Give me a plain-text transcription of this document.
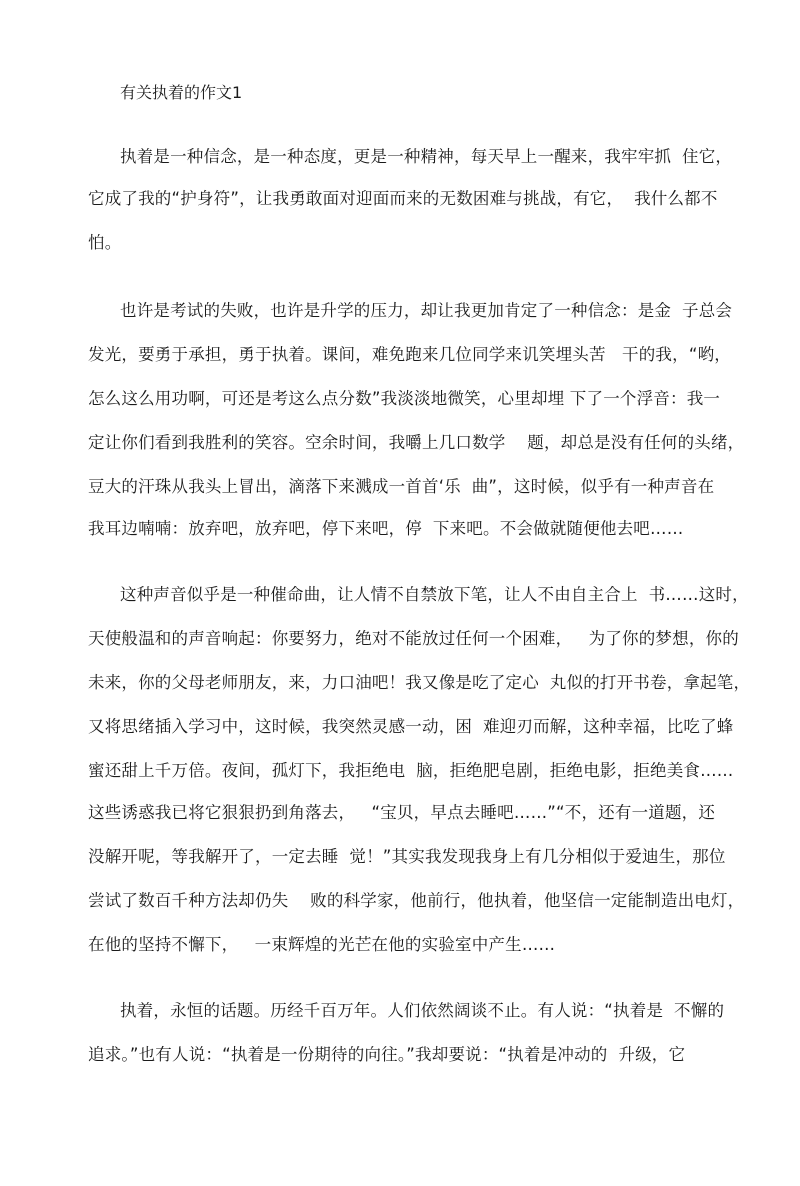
有关执着的作文1
执着是一种信念，是一种态度，更是一种精神，每天早上一醒来，我牢牢抓  住它，
它成了我的“护身符”，让我勇敢面对迎面而来的无数困难与挑战，有它，  我什么都不
怕。
也许是考试的失败，也许是升学的压力，却让我更加肯定了一种信念：是金  子总会
发光，要勇于承担，勇于执着。课间，难免跑来几位同学来讥笑埋头苦   干的我，“哟，
怎么这么用功啊，可还是考这么点分数”我淡淡地微笑，心里却埋 下了一个浮音：我一
定让你们看到我胜利的笑容。空余时间，我嚼上几口数学    题，却总是没有任何的头绪，
豆大的汗珠从我头上冒出，滴落下来溅成一首首‘乐  曲”，这时候，似乎有一种声音在
我耳边喃喃：放弃吧，放弃吧，停下来吧，停  下来吧。不会做就随便他去吧……
这种声音似乎是一种催命曲，让人情不自禁放下笔，让人不由自主合上  书……这时，
天使般温和的声音响起：你要努力，绝对不能放过任何一个困难，   为了你的梦想，你的
未来，你的父母老师朋友，来，力口油吧！我又像是吃了定心  丸似的打开书卷，拿起笔，
又将思绪插入学习中，这时候，我突然灵感一动，困  难迎刃而解，这种幸福，比吃了蜂
蜜还甜上千万倍。夜间，孤灯下，我拒绝电  脑，拒绝肥皂剧，拒绝电影，拒绝美食……
这些诱惑我已将它狠狠扔到角落去，   “宝贝，早点去睡吧……”“不，还有一道题，还
没解开呢，等我解开了，一定去睡  觉！”其实我发现我身上有几分相似于爱迪生，那位
尝试了数百千种方法却仍失    败的科学家，他前行，他执着，他坚信一定能制造出电灯，
在他的坚持不懈下，   一束辉煌的光芒在他的实验室中产生……
执着，永恒的话题。历经千百万年。人们依然阔谈不止。有人说：“执着是  不懈的
追求。”也有人说：“执着是一份期待的向往。”我却要说：“执着是冲动的  升级，它
